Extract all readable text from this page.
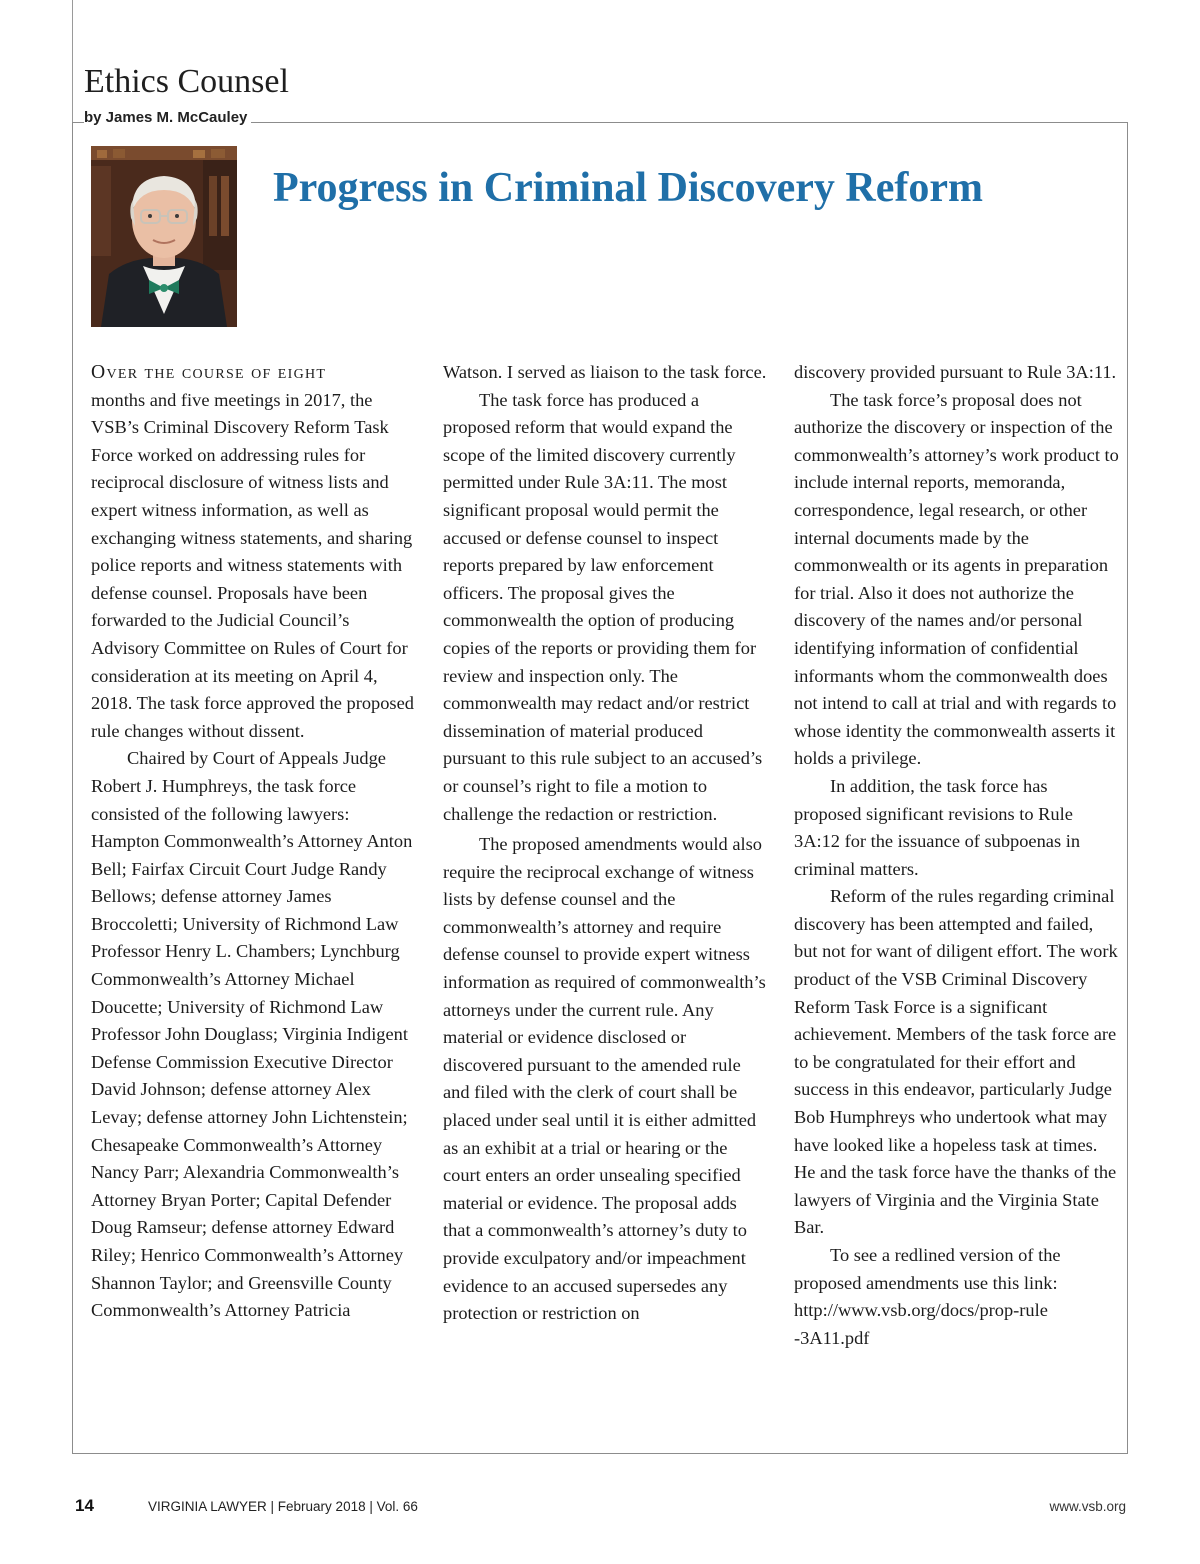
Ethics Counsel
by James M. McCauley
Progress in Criminal Discovery Reform

Over the course of eight
months and five meetings in 2017, the VSB’s Criminal Discovery Reform Task Force worked on addressing rules for reciprocal disclosure of witness lists and expert witness information, as well as exchanging witness statements, and sharing police reports and witness statements with defense counsel. Proposals have been forwarded to the Judicial Council’s Advisory Committee on Rules of Court for consideration at its meeting on April 4, 2018. The task force approved the proposed rule changes without dissent.

Chaired by Court of Appeals Judge Robert J. Humphreys, the task force consisted of the following lawyers: Hampton Commonwealth’s Attorney Anton Bell; Fairfax Circuit Court Judge Randy Bellows; defense attorney James Broccoletti; University of Richmond Law Professor Henry L. Chambers; Lynchburg Commonwealth’s Attorney Michael Doucette; University of Richmond Law Professor John Douglass; Virginia Indigent Defense Commission Executive Director David Johnson; defense attorney Alex Levay; defense attorney John Lichtenstein; Chesapeake Commonwealth’s Attorney Nancy Parr; Alexandria Commonwealth’s Attorney Bryan Porter; Capital Defender Doug Ramseur; defense attorney Edward Riley; Henrico Commonwealth’s Attorney Shannon Taylor; and Greensville County Commonwealth’s Attorney Patricia

Watson. I served as liaison to the task force.

The task force has produced a proposed reform that would expand the scope of the limited discovery currently permitted under Rule 3A:11. The most significant proposal would permit the accused or defense counsel to inspect reports prepared by law enforcement officers. The proposal gives the commonwealth the option of producing copies of the reports or providing them for review and inspection only. The commonwealth may redact and/or restrict dissemination of material produced pursuant to this rule subject to an accused’s or counsel’s right to file a motion to challenge the redaction or restriction.

The proposed amendments would also require the reciprocal exchange of witness lists by defense counsel and the commonwealth’s attorney and require defense counsel to provide expert witness information as required of commonwealth’s attorneys under the current rule. Any material or evidence disclosed or discovered pursuant to the amended rule and filed with the clerk of court shall be placed under seal until it is either admitted as an exhibit at a trial or hearing or the court enters an order unsealing specified material or evidence. The proposal adds that a commonwealth’s attorney’s duty to provide exculpatory and/or impeachment evidence to an accused supersedes any protection or restriction on

discovery provided pursuant to Rule 3A:11.

The task force’s proposal does not authorize the discovery or inspection of the commonwealth’s attorney’s work product to include internal reports, memoranda, correspondence, legal research, or other internal documents made by the commonwealth or its agents in preparation for trial. Also it does not authorize the discovery of the names and/or personal identifying information of confidential informants whom the commonwealth does not intend to call at trial and with regards to whose identity the commonwealth asserts it holds a privilege.

In addition, the task force has proposed significant revisions to Rule 3A:12 for the issuance of subpoenas in criminal matters.

Reform of the rules regarding criminal discovery has been attempted and failed, but not for want of diligent effort. The work product of the VSB Criminal Discovery Reform Task Force is a significant achievement. Members of the task force are to be congratulated for their effort and success in this endeavor, particularly Judge Bob Humphreys who undertook what may have looked like a hopeless task at times. He and the task force have the thanks of the lawyers of Virginia and the Virginia State Bar.

To see a redlined version of the proposed amendments use this link:
http://www.vsb.org/docs/prop-rule
-3A11.pdf

14	VIRGINIA LAWYER | February 2018 | Vol. 66	www.vsb.org
